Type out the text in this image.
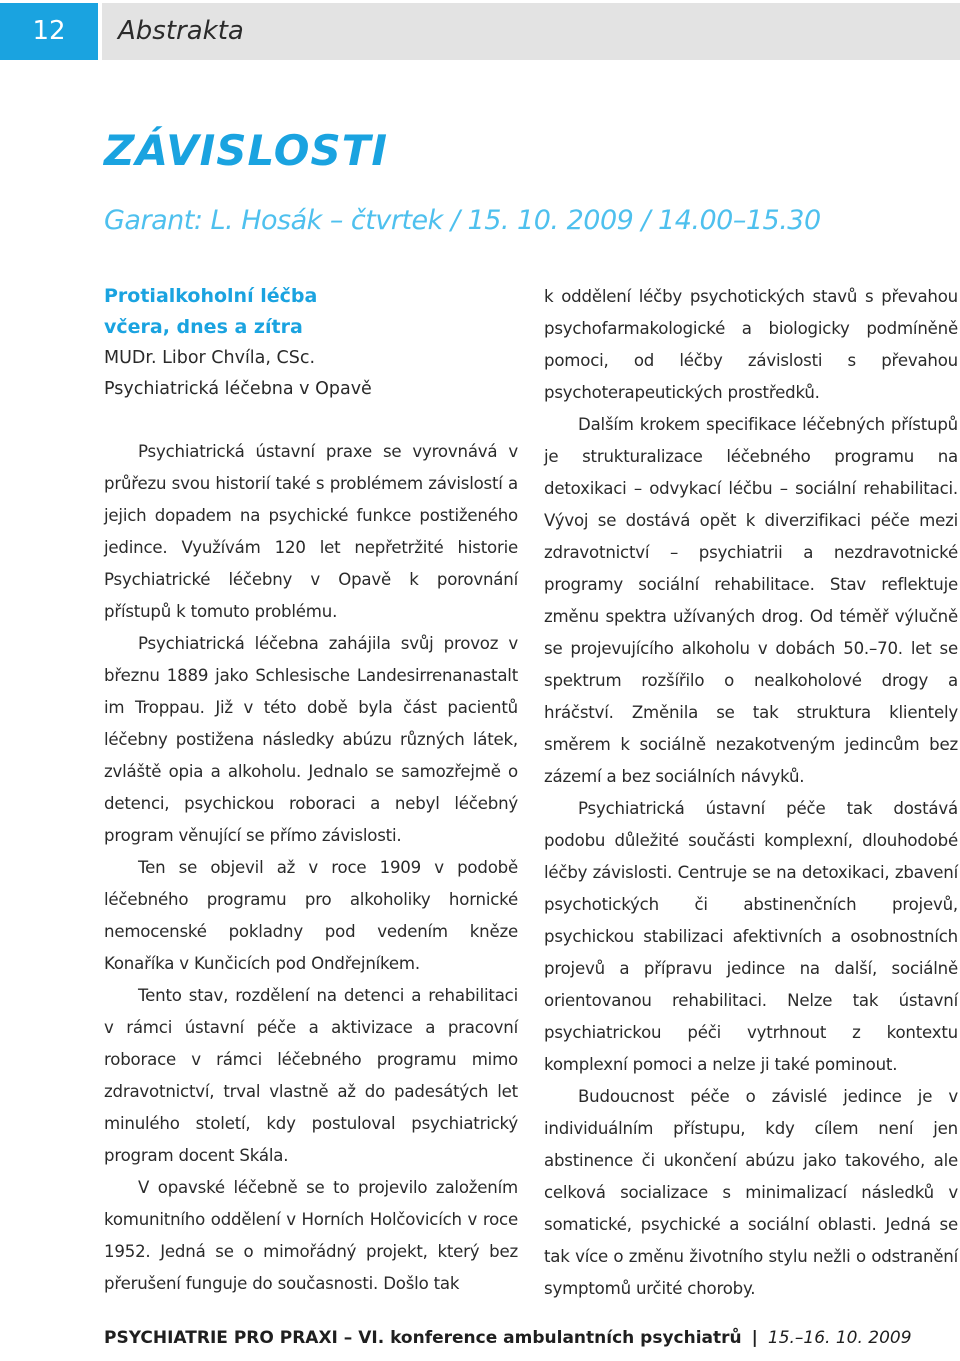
12	Abstrakta
ZÁVISLOSTI
Garant: L. Hosák – čtvrtek / 15. 10. 2009 / 14.00–15.30
Protialkoholní léčba
včera, dnes a zítra
MUDr. Libor Chvíla, CSc.
Psychiatrická léčebna v Opavě

Psychiatrická ústavní praxe se vyrovnává v průřezu svou historií také s problémem závislostí a jejich dopadem na psychické funkce postiženého jedince. Využívám 120 let nepřetržité historie Psychiatrické léčebny v Opavě k porovnání přístupů k tomuto problému.

Psychiatrická léčebna zahájila svůj provoz v březnu 1889 jako Schlesische Landesirrenanastalt im Troppau. Již v této době byla část pacientů léčebny postižena následky abúzu různých látek, zvláště opia a alkoholu. Jednalo se samozřejmě o detenci, psychickou roboraci a nebyl léčebný program věnující se přímo závislosti.

Ten se objevil až v roce 1909 v podobě léčebného programu pro alkoholiky hornické nemocenské pokladny pod vedením kněze Konaříka v Kunčicích pod Ondřejníkem.

Tento stav, rozdělení na detenci a rehabilitaci v rámci ústavní péče a aktivizace a pracovní roborace v rámci léčebného programu mimo zdravotnictví, trval vlastně až do padesátých let minulého století, kdy postuloval psychiatrický program docent Skála.

V opavské léčebně se to projevilo založením komunitního oddělení v Horních Holčovicích v roce 1952. Jedná se o mimořádný projekt, který bez přerušení funguje do současnosti. Došlo tak

k oddělení léčby psychotických stavů s převahou psychofarmakologické a biologicky podmíněně pomoci, od léčby závislosti s převahou psychoterapeutických prostředků.

Dalším krokem specifikace léčebných přístupů je strukturalizace léčebného programu na detoxikaci – odvykací léčbu – sociální rehabilitaci. Vývoj se dostává opět k diverzifikaci péče mezi zdravotnictví – psychiatrii a nezdravotnické programy sociální rehabilitace. Stav reflektuje změnu spektra užívaných drog. Od téměř výlučně se projevujícího alkoholu v dobách 50.–70. let se spektrum rozšířilo o nealkoholové drogy a hráčství. Změnila se tak struktura klientely směrem k sociálně nezakotveným jedincům bez zázemí a bez sociálních návyků.

Psychiatrická ústavní péče tak dostává podobu důležité součásti komplexní, dlouhodobé léčby závislosti. Centruje se na detoxikaci, zbavení psychotických či abstinenčních projevů, psychickou stabilizaci afektivních a osobnostních projevů a přípravu jedince na další, sociálně orientovanou rehabilitaci. Nelze tak ústavní psychiatrickou péči vytrhnout z kontextu komplexní pomoci a nelze ji také pominout.

Budoucnost péče o závislé jedince je v individuálním přístupu, kdy cílem není jen abstinence či ukončení abúzu jako takového, ale celková socializace s minimalizací následků v somatické, psychické a sociální oblasti. Jedná se tak více o změnu životního stylu nežli o odstranění symptomů určité choroby.

PSYCHIATRIE PRO PRAXI – VI. konference ambulantních psychiatrů | 15.–16. 10. 2009
